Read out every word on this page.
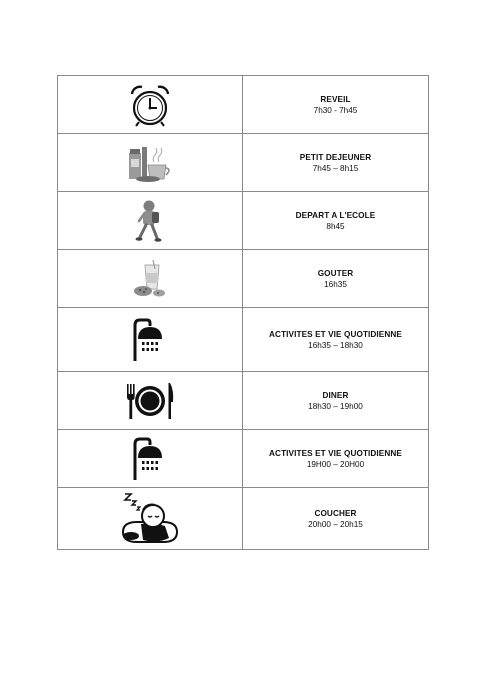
REVEIL
7h30 - 7h45

PETIT DEJEUNER
7h45 – 8h15

DEPART A L'ECOLE
8h45

GOUTER
16h35

ACTIVITES ET VIE QUOTIDIENNE
16h35 – 18h30

DINER
18h30 – 19h00

ACTIVITES ET VIE QUOTIDIENNE
19H00 – 20H00

COUCHER
20h00 – 20h15
